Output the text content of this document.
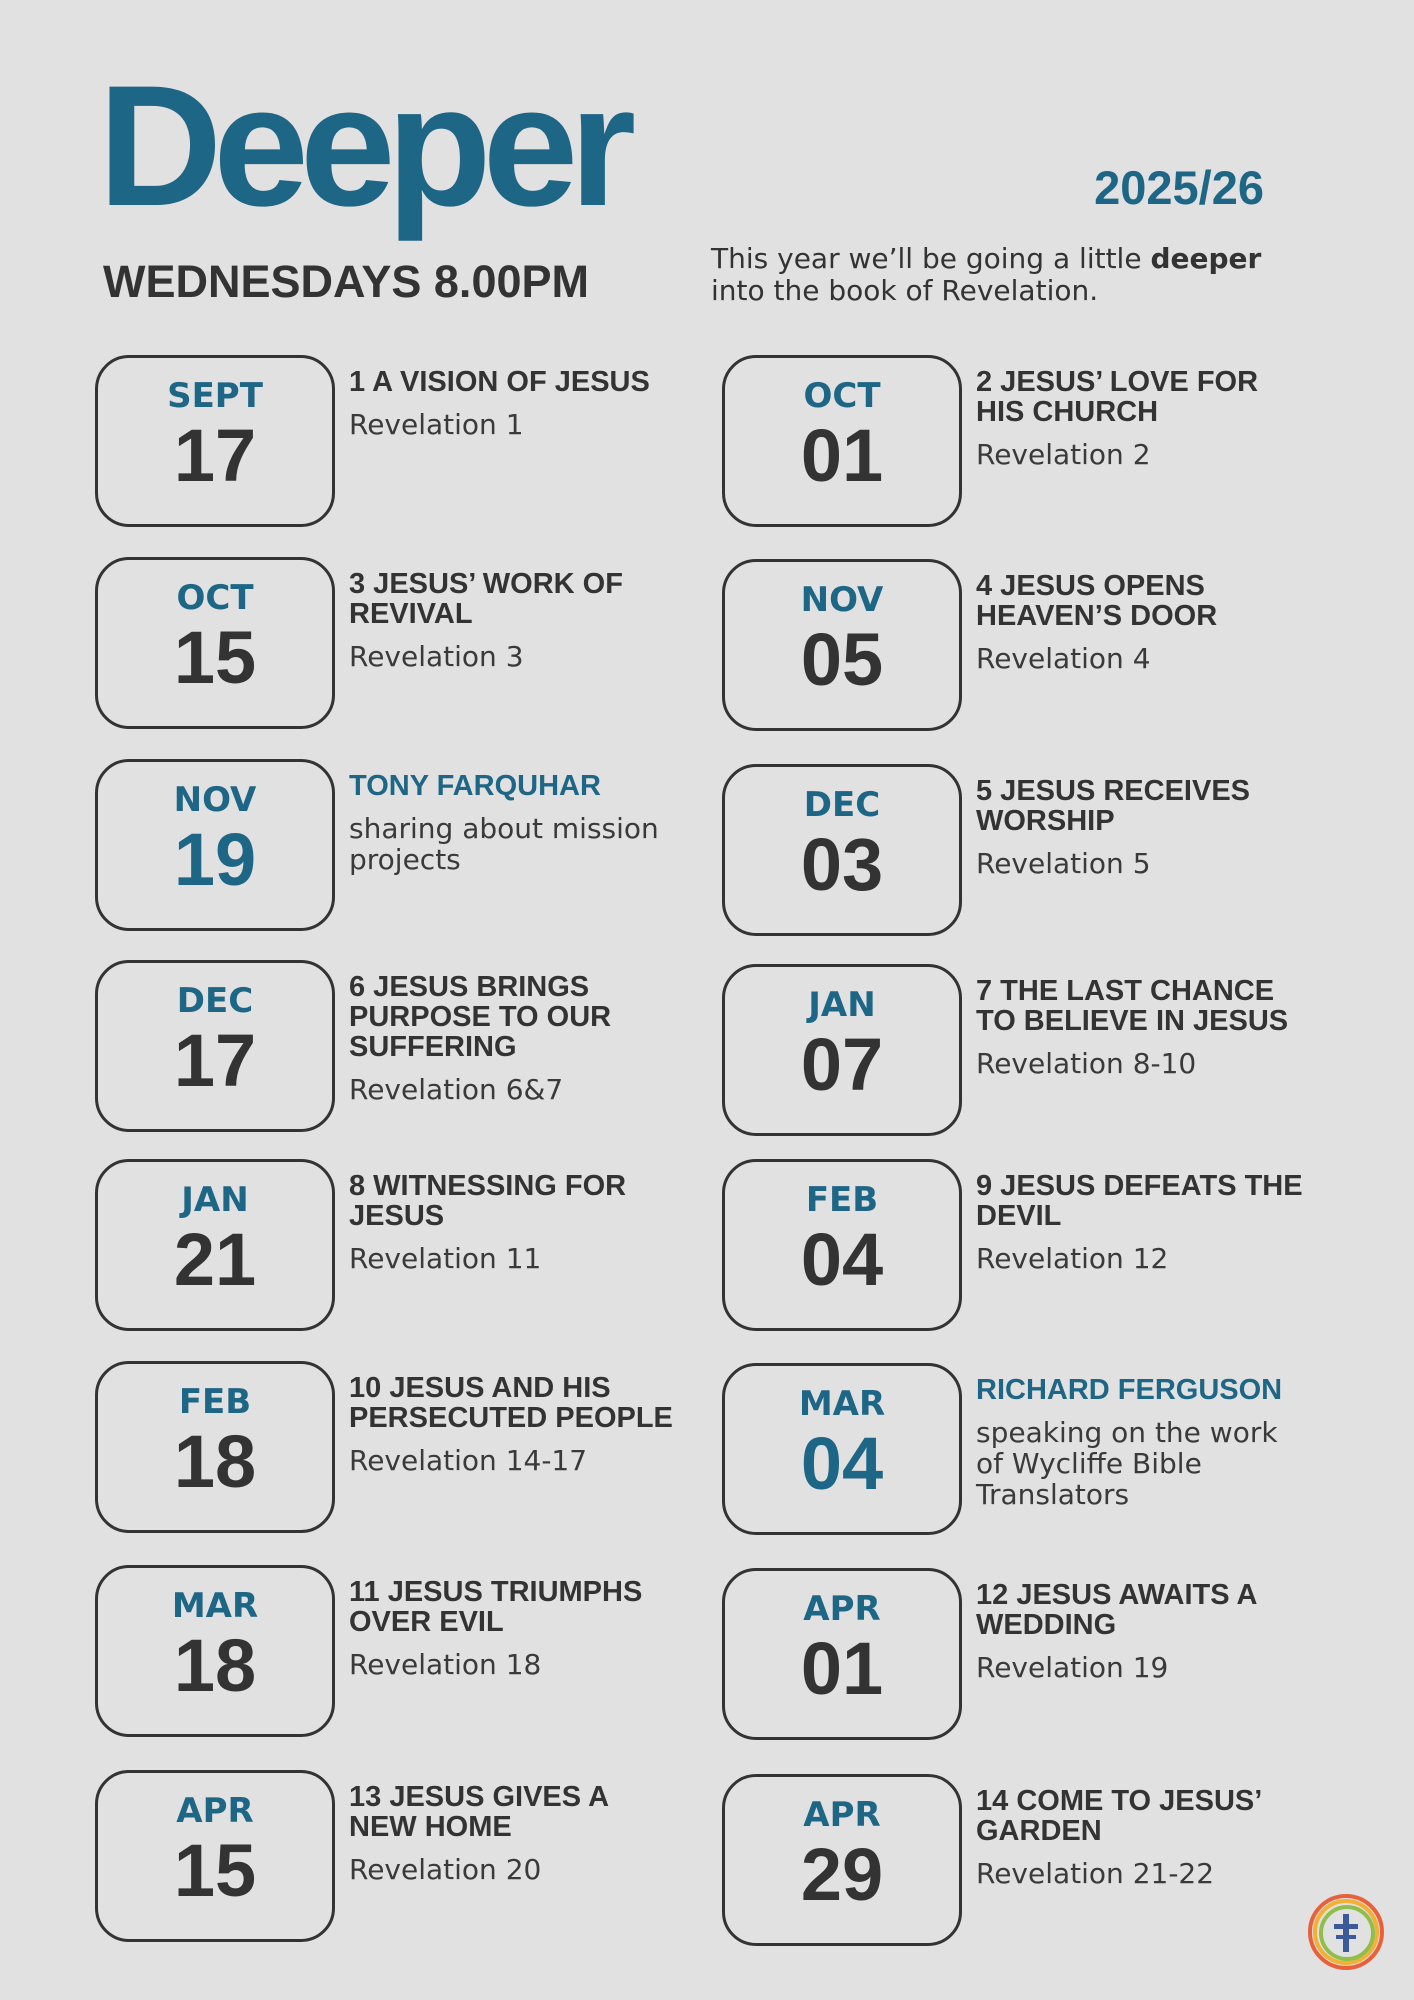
Deeper	2025/26
WEDNESDAYS 8.00PM	This year we’ll be going a little deeper
into the book of Revelation.

SEPT
17
1 A VISION OF JESUS
Revelation 1
OCT
01
2 JESUS’ LOVE FOR HIS CHURCH
Revelation 2
OCT
15
3 JESUS’ WORK OF REVIVAL
Revelation 3
NOV
05
4 JESUS OPENS HEAVEN’S DOOR
Revelation 4
NOV
19
TONY FARQUHAR
sharing about mission projects
DEC
03
5 JESUS RECEIVES WORSHIP
Revelation 5
DEC
17
6 JESUS BRINGS PURPOSE TO OUR SUFFERING
Revelation 6&7
JAN
07
7 THE LAST CHANCE TO BELIEVE IN JESUS
Revelation 8-10
JAN
21
8 WITNESSING FOR JESUS
Revelation 11
FEB
04
9 JESUS DEFEATS THE DEVIL
Revelation 12
FEB
18
10 JESUS AND HIS PERSECUTED PEOPLE
Revelation 14-17
MAR
04
RICHARD FERGUSON
speaking on the work of Wycliffe Bible Translators
MAR
18
11 JESUS TRIUMPHS OVER EVIL
Revelation 18
APR
01
12 JESUS AWAITS A WEDDING
Revelation 19
APR
15
13 JESUS GIVES A NEW HOME
Revelation 20
APR
29
14 COME TO JESUS’ GARDEN
Revelation 21-22
